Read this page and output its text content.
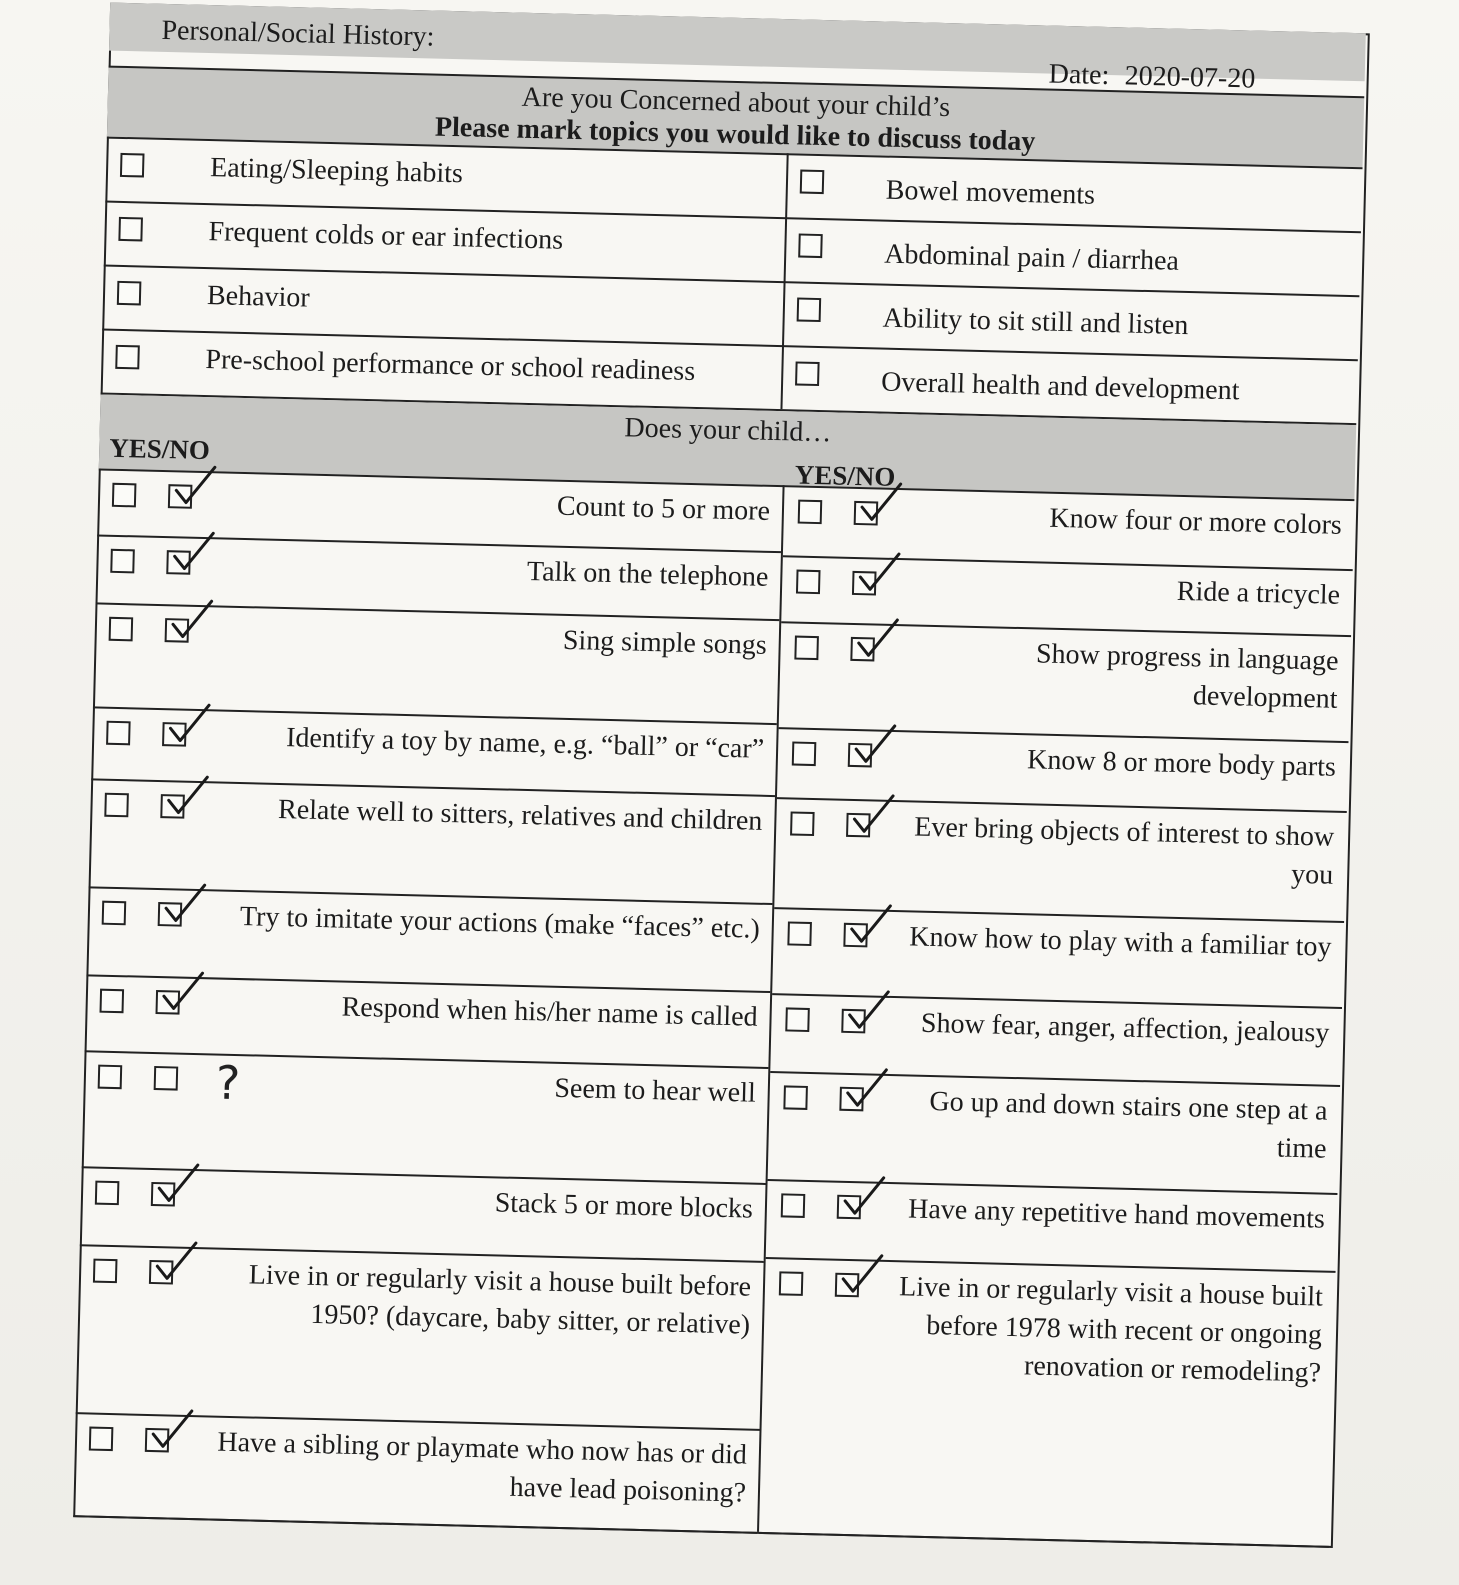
Personal/Social History:
Date: 2020-07-20
Are you Concerned about your child’s
Please mark topics you would like to discuss today
Eating/Sleeping habits
Frequent colds or ear infections
Behavior
Pre-school performance or school readiness
Bowel movements
Abdominal pain / diarrhea
Ability to sit still and listen
Overall health and development
Does your child…
YES/NO
YES/NO
Count to 5 or more
Talk on the telephone
Sing simple songs
Identify a toy by name, e.g. “ball” or “car”
Relate well to sitters, relatives and children
Try to imitate your actions (make “faces” etc.)
Respond when his/her name is called
?	Seem to hear well
Stack 5 or more blocks
Live in or regularly visit a house built before 1950? (daycare, baby sitter, or relative)
Have a sibling or playmate who now has or did have lead poisoning?
Know four or more colors
Ride a tricycle
Show progress in language development
Know 8 or more body parts
Ever bring objects of interest to show you
Know how to play with a familiar toy
Show fear, anger, affection, jealousy
Go up and down stairs one step at a time
Have any repetitive hand movements
Live in or regularly visit a house built before 1978 with recent or ongoing renovation or remodeling?
